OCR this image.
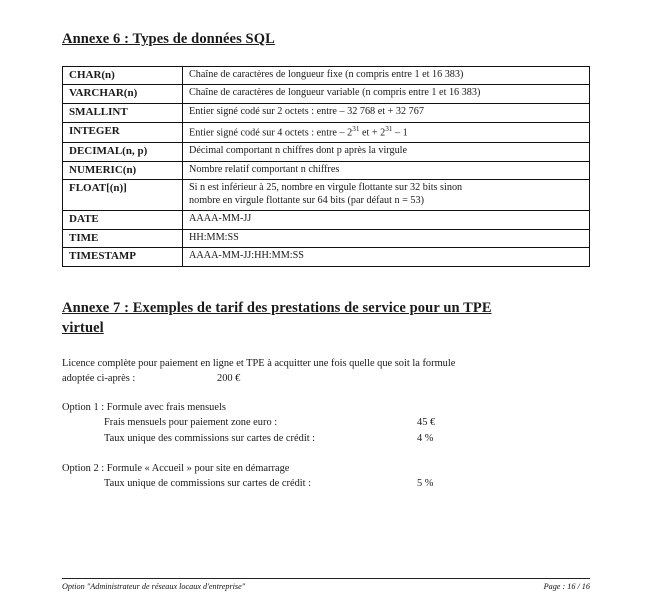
Annexe 6 : Types de données SQL
CHAR(n)	Chaîne de caractères de longueur fixe (n compris entre 1 et 16 383)
VARCHAR(n)	Chaîne de caractères de longueur variable (n compris entre 1 et 16 383)
SMALLINT	Entier signé codé sur 2 octets : entre – 32 768 et + 32 767
INTEGER	Entier signé codé sur 4 octets : entre – $2^{31}$ et + $2^{31} - 1$
DECIMAL(n, p)	Décimal comportant n chiffres dont p après la virgule
NUMERIC(n)	Nombre relatif comportant n chiffres
FLOAT[(n)]	Si n est inférieur à 25, nombre en virgule flottante sur 32 bits sinon
nombre en virgule flottante sur 64 bits (par défaut n = 53)

DATE	AAAA-MM-JJ
TIME	HH:MM:SS
TIMESTAMP	AAAA-MM-JJ:HH:MM:SS
Annexe 7 : Exemples de tarif des prestations de service pour un TPE
virtuel
Licence complète pour paiement en ligne et TPE à acquitter une fois quelle que soit la formule
adoptée ci-après :	200 €

Option 1 : Formule avec frais mensuels

Frais mensuels pour paiement zone euro :	45 €
Taux unique des commissions sur cartes de crédit :	4 %

Option 2 : Formule « Accueil » pour site en démarrage

Taux unique de commissions sur cartes de crédit :	5 %
Option "Administrateur de réseaux locaux d'entreprise"	Page : 16 / 16
